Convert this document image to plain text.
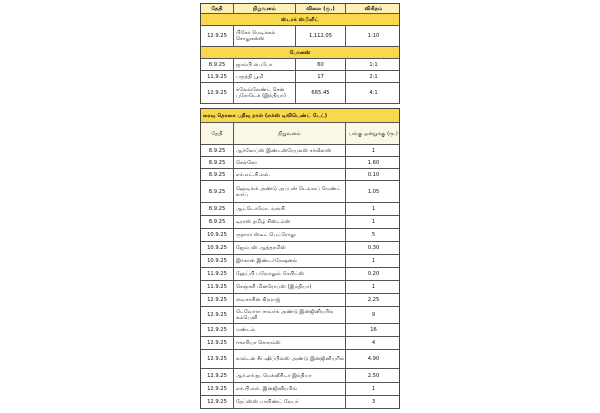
தேதி	நிறுவனம்	விலை (ரூ.)	விகிதம்
ஸ்டாக் ஸ்பிளிட்
12.9.25	பிகேர் மெடிக்கல் சொலுசன்ஸ்	1,112.05	1:10
போனஸ்
8.9.25	ஜாம்பி பைபோ	60	1:1
11.9.25	பருத்தி பூமி	17	2:1
12.9.25	க்லேவ்லேண்ட் சென் புரோடெக் (இந்தியா)	665.45	4:1
ரைவு தொகை பதிவு நாள் (எக்ஸ் டிவிடெண்ட் டேட்)
தேதி	நிறுவனம்	பங்கு ஒன்றுக்கு (ரூ.)
8.9.25	ஆர்கோப்ஸ் இண்டஸ்ரேயலஸ் சர்வீஸஸ்	1
8.9.25	செல்கோ	1.60
8.9.25	எச்.எட்.சி.எல்.	0.10
8.9.25	ஹெடிங்க் அண்டு அப்பன் டெவலப் மெண்ட் கார்ப்	1.05
8.9.25	ஆட்டோமோ. வங்கி	1
8.9.25	டிராஸ் தமிழ் சிஸ்டம்ஸ்	1
10.9.25	ருதாரா ஸ்டீட் பெட்ரோலு	5
10.9.25	ஜேம்பஸ் ஆத்தரமிஸ்	0.30
10.9.25	இர்கான் இண்டர்நேஷனல்	1
11.9.25	ஹேப்பி பவோலும் கேபிட்ஸ்	0.20
11.9.25	செஞ்சுரி மினரோப்ஸ் (இந்தியா)	1
12.9.25	வைசாசின் கிரமாஜ்	2.25
12.9.25	டெவோரா சாவர்க் அண்டு இன்ஜினியரிங் கம்பெனி	9
12.9.25	மண்டல்	16
12.9.25	ஈகாரியா கொரம்ஸ்	4
12.9.25	கால்டன் சீர் ஷிப்பிங்ஸ் அண்டு இன்ஜினியரிங்	4.90
12.9.25	ஆர்.எச்.ஐ. மெக்னீசிடா இந்தியா	2.50
12.9.25	எச்.பி.எல். இன்ஜினியரிங்	1
12.9.25	தேப்ஸ்ஸ் பாயிண்ட் லேபர்	3
